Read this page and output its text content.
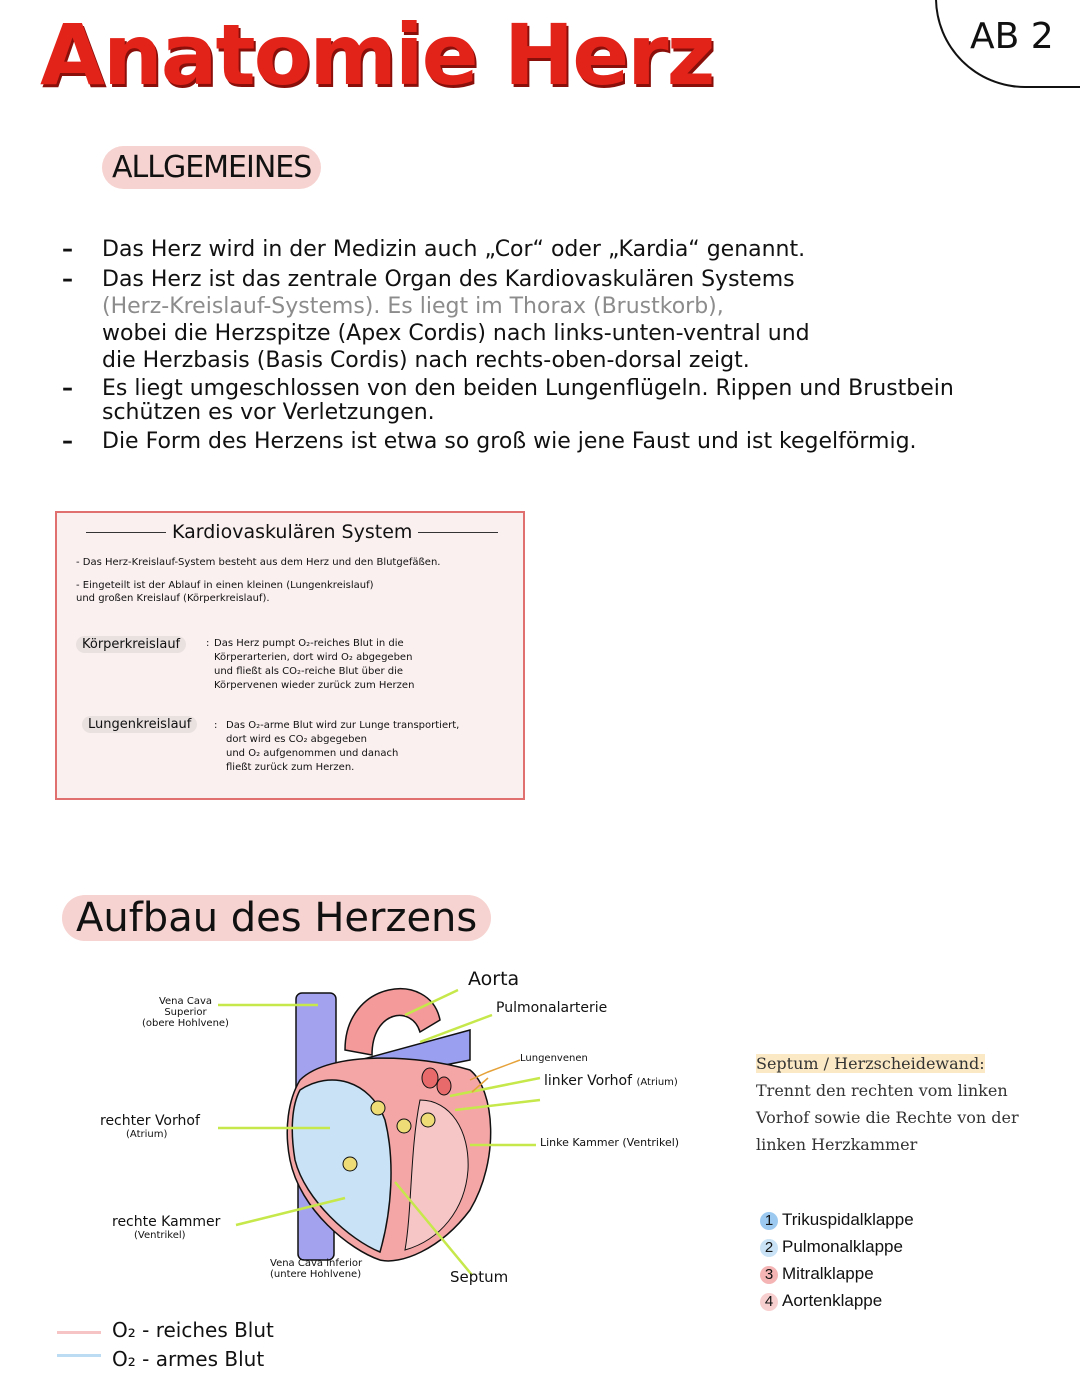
Anatomie Herz	AB 2
ALLGEMEINES
– Das Herz wird in der Medizin auch „Cor“ oder „Kardia“ genannt.
– Das Herz ist das zentrale Organ des Kardiovaskulären Systems
(Herz-Kreislauf-Systems). Es liegt im Thorax (Brustkorb),
wobei die Herzspitze (Apex Cordis) nach links-unten-ventral und
die Herzbasis (Basis Cordis) nach rechts-oben-dorsal zeigt.
– Es liegt umgeschlossen von den beiden Lungenflügeln. Rippen und Brustbein
schützen es vor Verletzungen.
– Die Form des Herzens ist etwa so groß wie jene Faust und ist kegelförmig.
Kardiovaskulären System
- Das Herz-Kreislauf-System besteht aus dem Herz und den Blutgefäßen.
- Eingeteilt ist der Ablauf in einen kleinen (Lungenkreislauf)
und großen Kreislauf (Körperkreislauf).
Körperkreislauf	: Das Herz pumpt O₂-reiches Blut in die
Körperarterien, dort wird O₂ abgegeben
und fließt als CO₂-reiche Blut über die
Körpervenen wieder zurück zum Herzen
Lungenkreislauf	: Das O₂-arme Blut wird zur Lunge transportiert,
dort wird es CO₂ abgegeben
und O₂ aufgenommen und danach
fließt zurück zum Herzen.
Aufbau des Herzens
Vena Cava
Superior
(obere Hohlvene)
rechter Vorhof
(Atrium)
rechte Kammer
(Ventrikel)
Vena Cava inferior
(untere Hohlvene)	Septum
Aorta
Pulmonalarterie
Lungenvenen
linker Vorhof (Atrium)
Linke Kammer (Ventrikel)
Septum / Herzscheidewand:
Trennt den rechten vom linken
Vorhof sowie die Rechte von der
linken Herzkammer
1 Trikuspidalklappe
2 Pulmonalklappe
3 Mitralklappe
4 Aortenklappe
O₂ - reiches Blut
O₂ - armes Blut
